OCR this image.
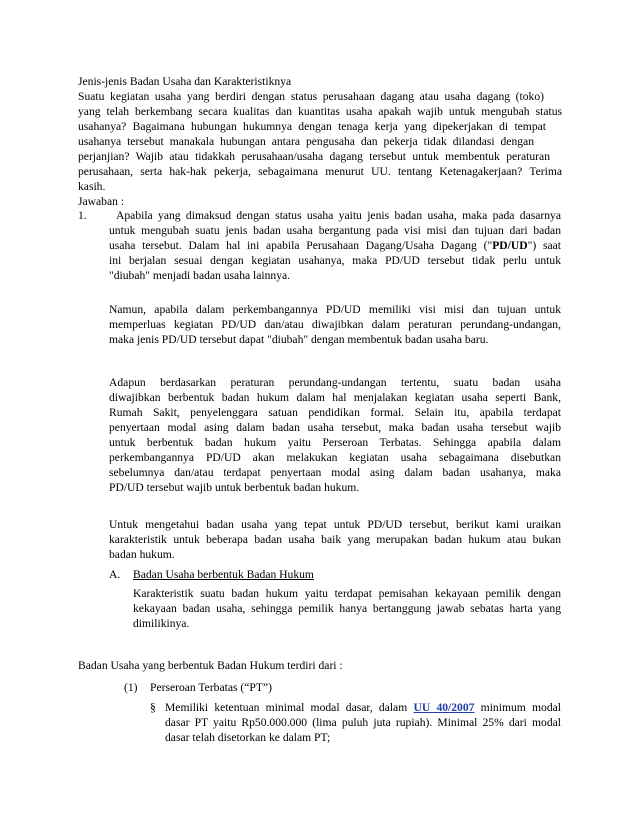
Jenis-jenis Badan Usaha dan Karakteristiknya
Suatu kegiatan usaha yang berdiri dengan status perusahaan dagang atau usaha dagang (toko)
yang telah berkembang secara kualitas dan kuantitas usaha apakah wajib untuk mengubah status
usahanya? Bagaimana hubungan hukumnya dengan tenaga kerja yang dipekerjakan di tempat
usahanya tersebut manakala hubungan antara pengusaha dan pekerja tidak dilandasi dengan
perjanjian? Wajib atau tidakkah perusahaan/usaha dagang tersebut untuk membentuk peraturan
perusahaan, serta hak-hak pekerja, sebagaimana menurut UU. tentang Ketenagakerjaan? Terima
kasih.
Jawaban :
1.	Apabila yang dimaksud dengan status usaha yaitu jenis badan usaha, maka pada dasarnya
untuk mengubah suatu jenis badan usaha bergantung pada visi misi dan tujuan dari badan
usaha tersebut. Dalam hal ini apabila Perusahaan Dagang/Usaha Dagang ("PD/UD") saat
ini berjalan sesuai dengan kegiatan usahanya, maka PD/UD tersebut tidak perlu untuk
"diubah" menjadi badan usaha lainnya.
Namun, apabila dalam perkembangannya PD/UD memiliki visi misi dan tujuan untuk
memperluas kegiatan PD/UD dan/atau diwajibkan dalam peraturan perundang-undangan,
maka jenis PD/UD tersebut dapat "diubah" dengan membentuk badan usaha baru.
Adapun berdasarkan peraturan perundang-undangan tertentu, suatu badan usaha
diwajibkan berbentuk badan hukum dalam hal menjalakan kegiatan usaha seperti Bank,
Rumah Sakit, penyelenggara satuan pendidikan formal. Selain itu, apabila terdapat
penyertaan modal asing dalam badan usaha tersebut, maka badan usaha tersebut wajib
untuk berbentuk badan hukum yaitu Perseroan Terbatas. Sehingga apabila dalam
perkembangannya PD/UD akan melakukan kegiatan usaha sebagaimana disebutkan
sebelumnya dan/atau terdapat penyertaan modal asing dalam badan usahanya, maka
PD/UD tersebut wajib untuk berbentuk badan hukum.
Untuk mengetahui badan usaha yang tepat untuk PD/UD tersebut, berikut kami uraikan
karakteristik untuk beberapa badan usaha baik yang merupakan badan hukum atau bukan
badan hukum.
A. Badan Usaha berbentuk Badan Hukum
Karakteristik suatu badan hukum yaitu terdapat pemisahan kekayaan pemilik dengan
kekayaan badan usaha, sehingga pemilik hanya bertanggung jawab sebatas harta yang
dimilikinya.
Badan Usaha yang berbentuk Badan Hukum terdiri dari :
(1) Perseroan Terbatas (“PT”)
§ Memiliki ketentuan minimal modal dasar, dalam UU 40/2007 minimum modal
dasar PT yaitu Rp50.000.000 (lima puluh juta rupiah). Minimal 25% dari modal
dasar telah disetorkan ke dalam PT;
